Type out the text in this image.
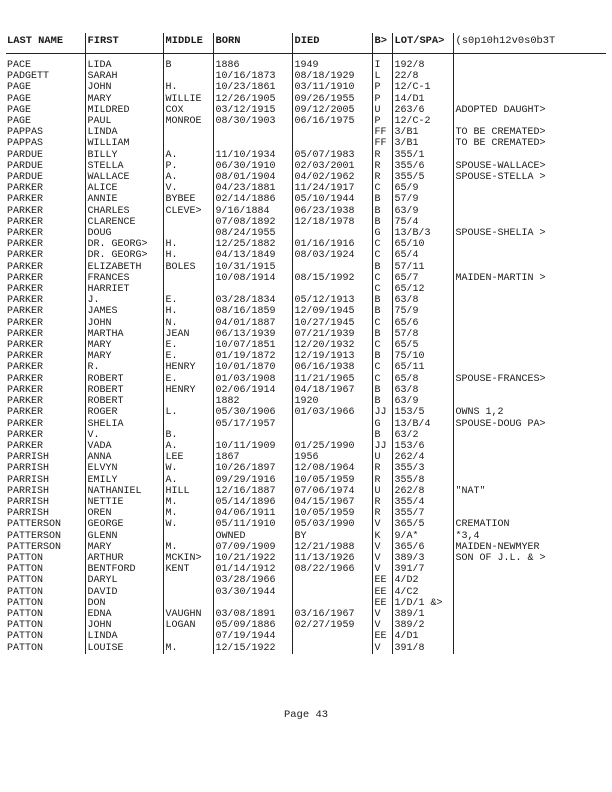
LAST NAME	FIRST	MIDDLE	BORN	DIED	B>	LOT/SPA>	(s0p10h12v0s0b3T

PACE	LIDA	B	1886	1949	I	192/8	
PADGETT	SARAH		10/16/1873	08/18/1929	L	22/8	
PAGE	JOHN	H.	10/23/1861	03/11/1910	P	12/C-1	
PAGE	MARY	WILLIE	12/26/1905	09/26/1955	P	14/D1	
PAGE	MILDRED	COX	03/12/1915	09/12/2005	U	263/6	ADOPTED DAUGHT>
PAGE	PAUL	MONROE	08/30/1903	06/16/1975	P	12/C-2	
PAPPAS	LINDA				FF	3/B1	TO BE CREMATED>
PAPPAS	WILLIAM				FF	3/B1	TO BE CREMATED>
PARDUE	BILLY	A.	11/10/1934	05/07/1983	R	355/1	
PARDUE	STELLA	P.	06/30/1910	02/03/2001	R	355/6	SPOUSE-WALLACE>
PARDUE	WALLACE	A.	08/01/1904	04/02/1962	R	355/5	SPOUSE-STELLA >
PARKER	ALICE	V.	04/23/1881	11/24/1917	C	65/9	
PARKER	ANNIE	BYBEE	02/14/1886	05/10/1944	B	57/9	
PARKER	CHARLES	CLEVE>	9/16/1884	06/23/1938	B	63/9	
PARKER	CLARENCE		07/08/1892	12/18/1978	B	75/4	
PARKER	DOUG		08/24/1955		G	13/B/3	SPOUSE-SHELIA >
PARKER	DR. GEORG>	H.	12/25/1882	01/16/1916	C	65/10	
PARKER	DR. GEORG>	H.	04/13/1849	08/03/1924	C	65/4	
PARKER	ELIZABETH	BOLES	10/31/1915		B	57/11	
PARKER	FRANCES		10/08/1914	08/15/1992	C	65/7	MAIDEN-MARTIN >
PARKER	HARRIET				C	65/12	
PARKER	J.	E.	03/28/1834	05/12/1913	B	63/8	
PARKER	JAMES	H.	08/16/1859	12/09/1945	B	75/9	
PARKER	JOHN	N.	04/01/1887	10/27/1945	C	65/6	
PARKER	MARTHA	JEAN	06/13/1939	07/21/1939	B	57/8	
PARKER	MARY	E.	10/07/1851	12/20/1932	C	65/5	
PARKER	MARY	E.	01/19/1872	12/19/1913	B	75/10	
PARKER	R.	HENRY	10/01/1870	06/16/1938	C	65/11	
PARKER	ROBERT	E.	01/03/1908	11/21/1965	C	65/8	SPOUSE-FRANCES>
PARKER	ROBERT	HENRY	02/06/1914	04/18/1967	B	63/8	
PARKER	ROBERT		1882	1920	B	63/9	
PARKER	ROGER	L.	05/30/1906	01/03/1966	JJ	153/5	OWNS 1,2
PARKER	SHELIA		05/17/1957		G	13/B/4	SPOUSE-DOUG PA>
PARKER	V.	B.			B	63/2	
PARKER	VADA	A.	10/11/1909	01/25/1990	JJ	153/6	
PARRISH	ANNA	LEE	1867	1956	U	262/4	
PARRISH	ELVYN	W.	10/26/1897	12/08/1964	R	355/3	
PARRISH	EMILY	A.	09/29/1916	10/05/1959	R	355/8	
PARRISH	NATHANIEL	HILL	12/16/1887	07/06/1974	U	262/8	"NAT"
PARRISH	NETTIE	M.	05/14/1896	04/15/1967	R	355/4	
PARRISH	OREN	M.	04/06/1911	10/05/1959	R	355/7	
PATTERSON	GEORGE	W.	05/11/1910	05/03/1990	V	365/5	CREMATION
PATTERSON	GLENN		OWNED	BY	K	9/A*	*3,4
PATTERSON	MARY	M.	07/09/1909	12/21/1988	V	365/6	MAIDEN-NEWMYER
PATTON	ARTHUR	MCKIN>	10/21/1922	11/13/1926	V	389/3	SON OF J.L. & >
PATTON	BENTFORD	KENT	01/14/1912	08/22/1966	V	391/7	
PATTON	DARYL		03/28/1966		EE	4/D2	
PATTON	DAVID		03/30/1944		EE	4/C2	
PATTON	DON				EE	1/D/1 &>	
PATTON	EDNA	VAUGHN	03/08/1891	03/16/1967	V	389/1	
PATTON	JOHN	LOGAN	05/09/1886	02/27/1959	V	389/2	
PATTON	LINDA		07/19/1944		EE	4/D1	
PATTON	LOUISE	M.	12/15/1922		V	391/8	
Page 43
